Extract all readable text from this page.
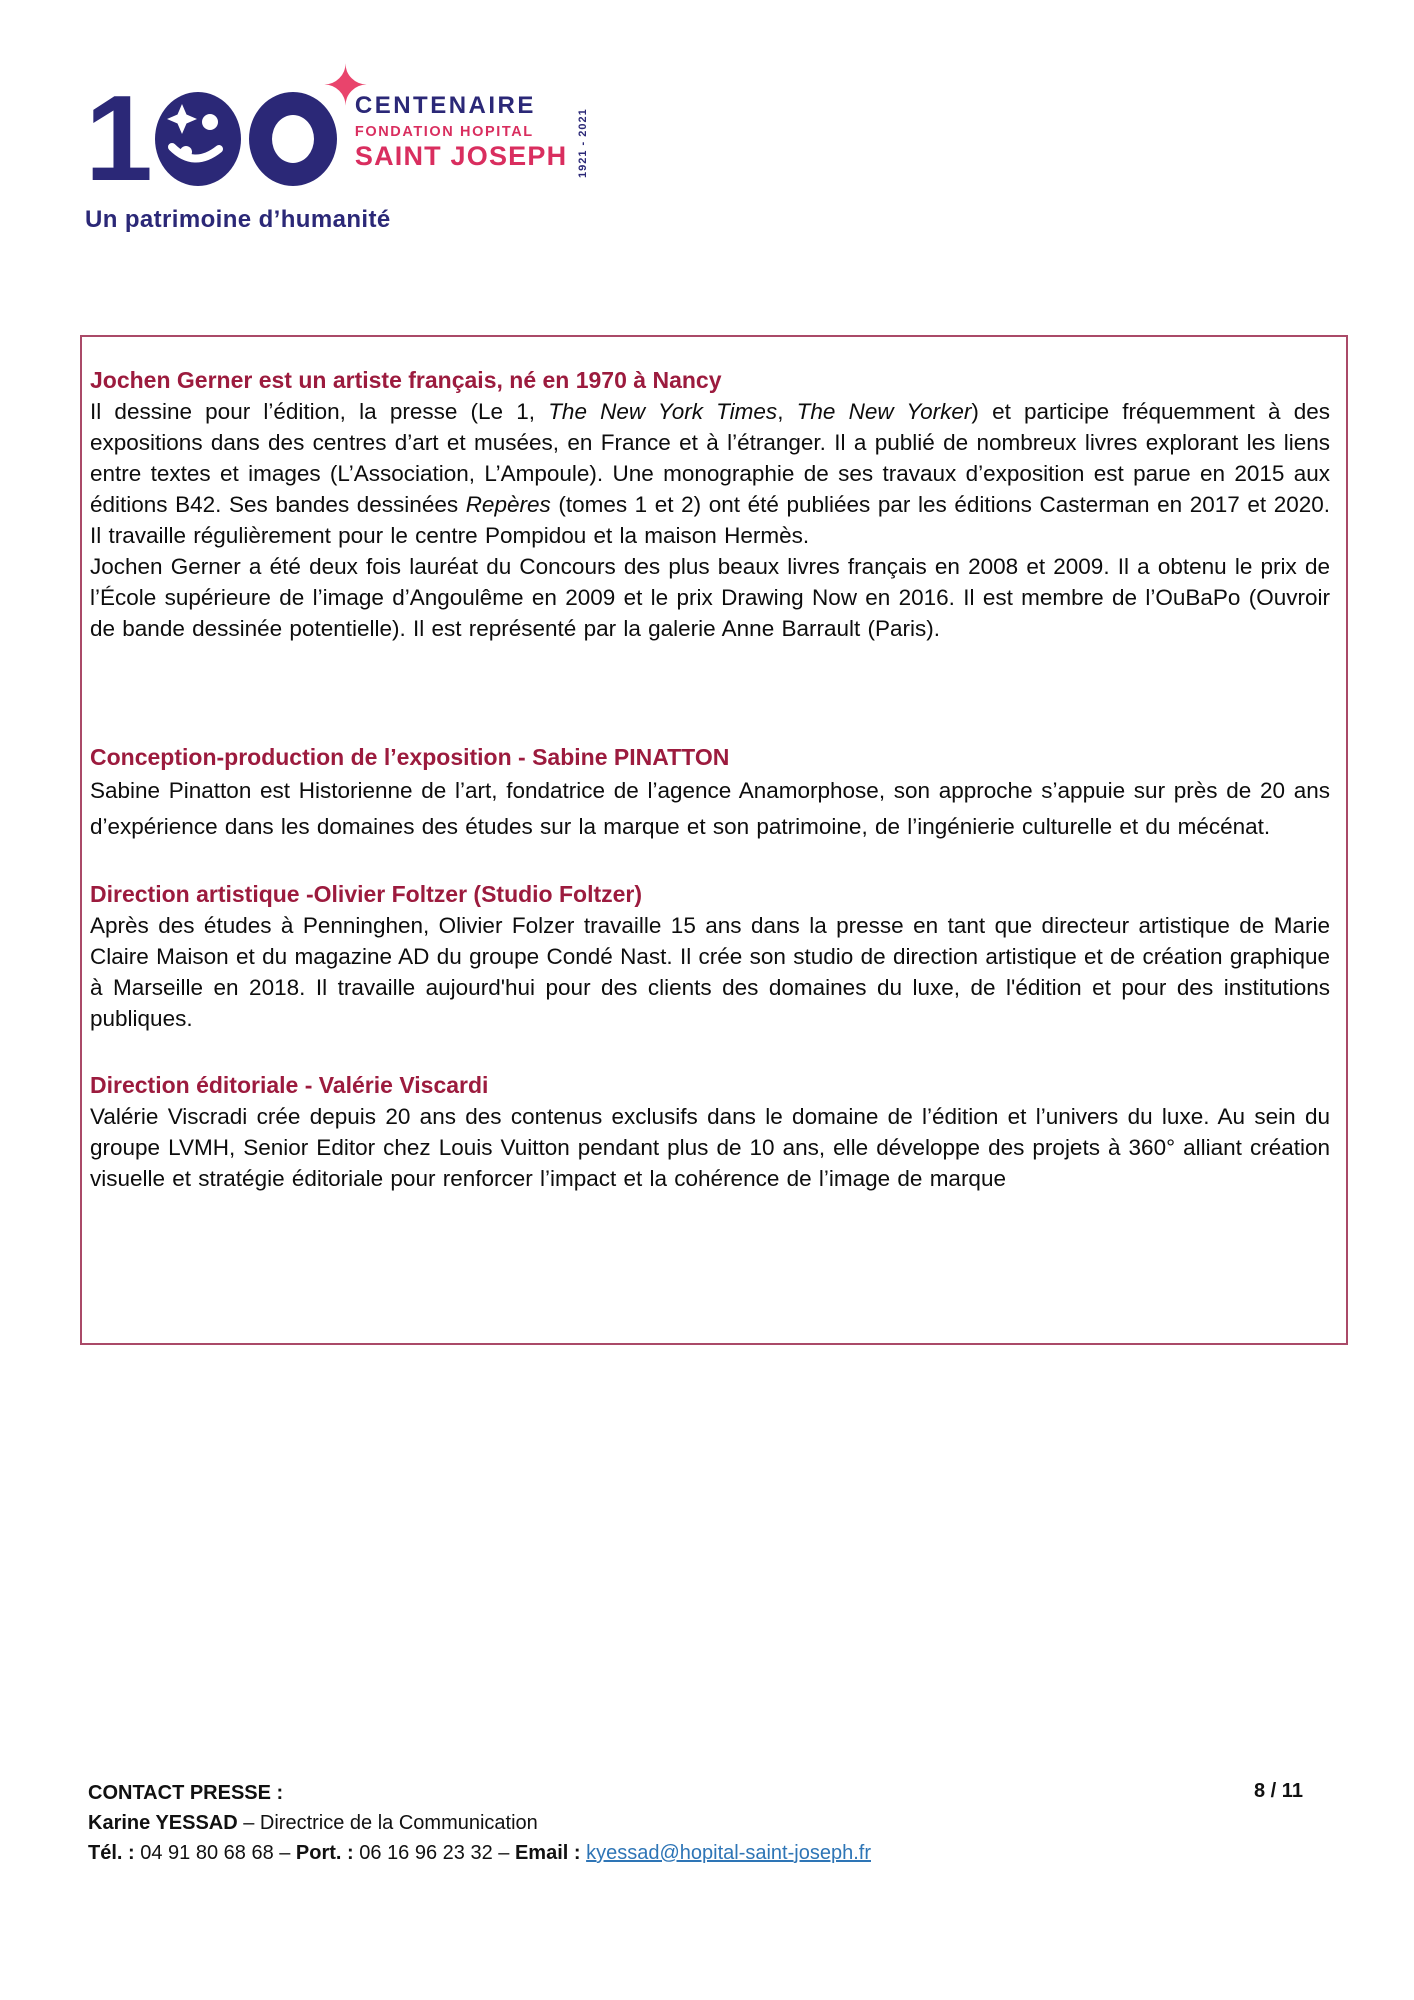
1	✦
CENTENAIRE
FONDATION HOPITAL
SAINT JOSEPH 1921 - 2021
Un patrimoine d’humanité
Jochen Gerner est un artiste français, né en 1970 à Nancy

Il dessine pour l’édition, la presse (Le 1, The New York Times, The New Yorker) et participe fréquemment à des expositions dans des centres d’art et musées, en France et à l’étranger. Il a publié de nombreux livres explorant les liens entre textes et images (L’Association, L’Ampoule). Une monographie de ses travaux d’exposition est parue en 2015 aux éditions B42. Ses bandes dessinées Repères (tomes 1 et 2) ont été publiées par les éditions Casterman en 2017 et 2020. Il travaille régulièrement pour le centre Pompidou et la maison Hermès.

Jochen Gerner a été deux fois lauréat du Concours des plus beaux livres français en 2008 et 2009. Il a obtenu le prix de l’École supérieure de l’image d’Angoulême en 2009 et le prix Drawing Now en 2016. Il est membre de l’OuBaPo (Ouvroir de bande dessinée potentielle). Il est représenté par la galerie Anne Barrault (Paris).

Conception-production de l’exposition - Sabine PINATTON

Sabine Pinatton est Historienne de l’art, fondatrice de l’agence Anamorphose, son approche s’appuie sur près de 20 ans d’expérience dans les domaines des études sur la marque et son patrimoine, de l’ingénierie culturelle et du mécénat.

Direction artistique -Olivier Foltzer (Studio Foltzer)

Après des études à Penninghen, Olivier Folzer travaille 15 ans dans la presse en tant que directeur artistique de Marie Claire Maison et du magazine AD du groupe Condé Nast. Il crée son studio de direction artistique et de création graphique à Marseille en 2018. Il travaille aujourd'hui pour des clients des domaines du luxe, de l'édition et pour des institutions publiques.

Direction éditoriale - Valérie Viscardi

Valérie Viscradi crée depuis 20 ans des contenus exclusifs dans le domaine de l’édition et l’univers du luxe. Au sein du groupe LVMH, Senior Editor chez Louis Vuitton pendant plus de 10 ans, elle développe des projets à 360° alliant création visuelle et stratégie éditoriale pour renforcer l’impact et la cohérence de l’image de marque

CONTACT PRESSE :
Karine YESSAD – Directrice de la Communication
Tél. : 04 91 80 68 68 – Port. : 06 16 96 23 32 – Email : kyessad@hopital-saint-joseph.fr
8 / 11
